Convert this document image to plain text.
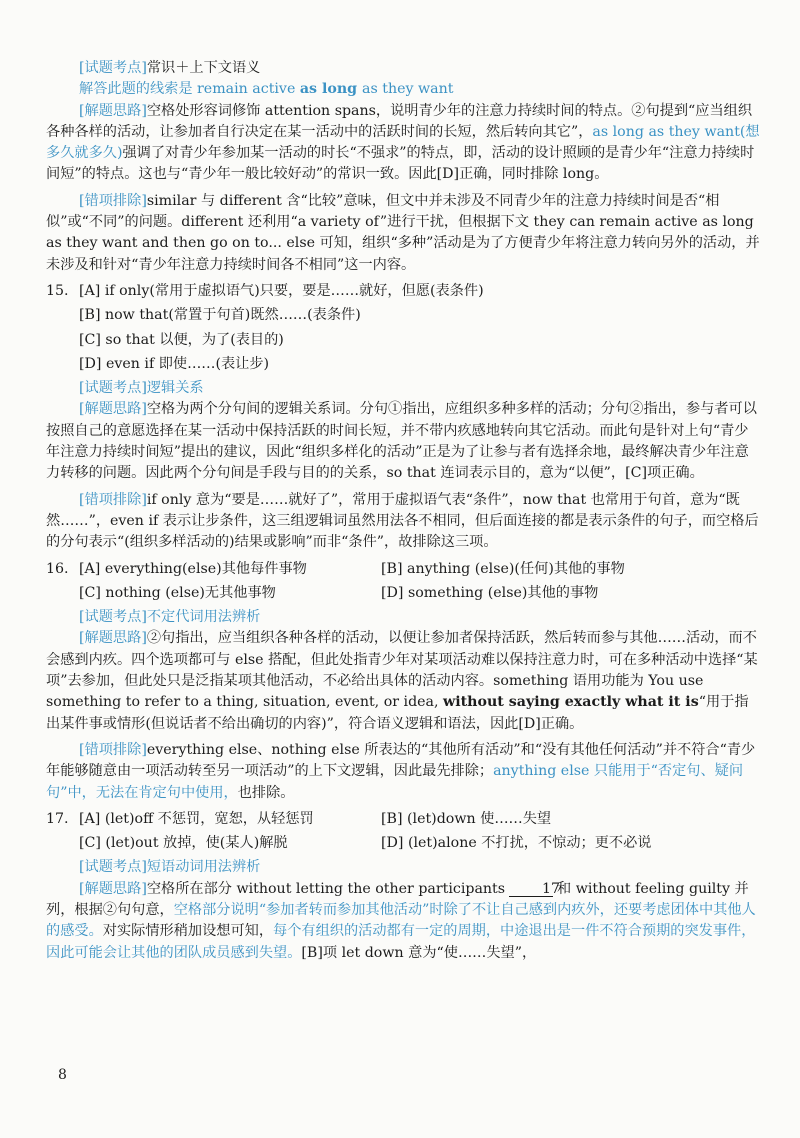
[ 试题考点 ] 常识＋上下文语义

解答此题的线索是 remain active as long as they want

[ 解题思路 ] 空格处形容词修饰 attention spans，说明青少年的注意力持续时间的特点。②句提到“应当组织各种各样的活动，让参加者自行决定在某一活动中的活跃时间的长短，然后转向其它”，as long as they want(想多久就多久)强调了对青少年参加某一活动的时长“不强求”的特点，即，活动的设计照顾的是青少年“注意力持续时间短”的特点。这也与“青少年一般比较好动”的常识一致。因此[D]正确，同时排除 long。

[ 错项排除 ] similar 与 different 含“比较”意味，但文中并未涉及不同青少年的注意力持续时间是否“相似”或“不同”的问题。different 还利用“a variety of”进行干扰，但根据下文 they can remain active as long as they want and then go on to... else 可知，组织“多种”活动是为了方便青少年将注意力转向另外的活动，并未涉及和针对“青少年注意力持续时间各不相同”这一内容。

15. [A] if only(常用于虚拟语气)只要，要是……就好，但愿(表条件)

[B] now that(常置于句首)既然……(表条件)

[C] so that 以便，为了(表目的)

[D] even if 即使……(表让步)

[ 试题考点 ] 逻辑关系

[ 解题思路 ] 空格为两个分句间的逻辑关系词。分句①指出，应组织多种多样的活动；分句②指出，参与者可以按照自己的意愿选择在某一活动中保持活跃的时间长短，并不带内疚感地转向其它活动。而此句是针对上句“青少年注意力持续时间短”提出的建议，因此“组织多样化的活动”正是为了让参与者有选择余地，最终解决青少年注意力转移的问题。因此两个分句间是手段与目的的关系，so that 连词表示目的，意为“以便”，[C]项正确。

[ 错项排除 ] if only 意为“要是……就好了”，常用于虚拟语气表“条件”，now that 也常用于句首，意为“既然……”，even if 表示让步条件，这三组逻辑词虽然用法各不相同，但后面连接的都是表示条件的句子，而空格后的分句表示“(组织多样活动的)结果或影响”而非“条件”，故排除这三项。

16. [A] everything(else)其他每件事物	[B] anything (else)(任何)其他的事物
[C] nothing (else)无其他事物	[D] something (else)其他的事物

[ 试题考点 ] 不定代词用法辨析

[ 解题思路 ] ②句指出，应当组织各种各样的活动，以便让参加者保持活跃，然后转而参与其他……活动，而不会感到内疚。四个选项都可与 else 搭配，但此处指青少年对某项活动难以保持注意力时，可在多种活动中选择“某项”去参加，但此处只是泛指某项其他活动，不必给出具体的活动内容。something 语用功能为 You use something to refer to a thing, situation, event, or idea, without saying exactly what it is“用于指出某件事或情形(但说话者不给出确切的内容)”，符合语义逻辑和语法，因此[D]正确。

[ 错项排除 ] everything else、nothing else 所表达的“其他所有活动”和“没有其他任何活动”并不符合“青少年能够随意由一项活动转至另一项活动”的上下文逻辑，因此最先排除；anything else 只能用于“否定句、疑问句”中，无法在肯定句中使用，也排除。

17. [A] (let)off 不惩罚，宽恕，从轻惩罚	[B] (let)down 使……失望
[C] (let)out 放掉，使(某人)解脱	[D] (let)alone 不打扰，不惊动；更不必说

[ 试题考点 ] 短语动词用法辨析

[ 解题思路 ] 空格所在部分 without letting the other participants	17和 without feeling guilty 并列，根据②句句意，空格部分说明“参加者转而参加其他活动”时除了不让自己感到内疚外，还要考虑团体中其他人的感受。对实际情形稍加设想可知，每个有组织的活动都有一定的周期，中途退出是一件不符合预期的突发事件，因此可能会让其他的团队成员感到失望。[B]项 let down 意为“使……失望”，

8
